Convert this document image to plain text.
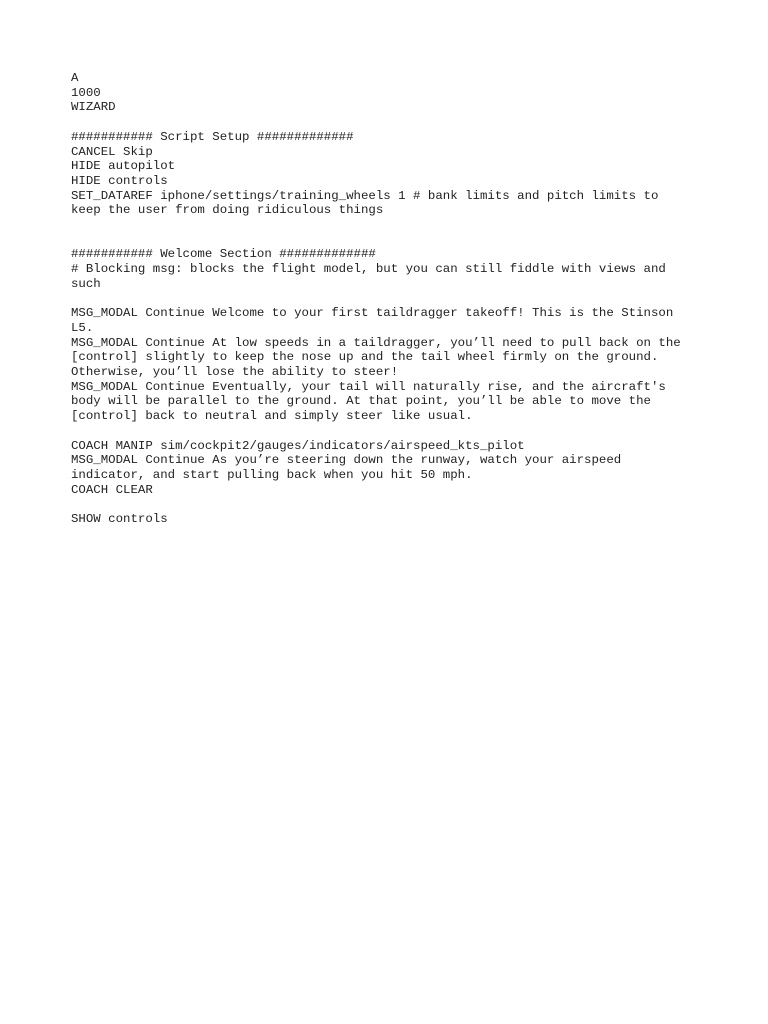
A
1000
WIZARD
########### Script Setup #############
CANCEL Skip
HIDE autopilot
HIDE controls
SET_DATAREF iphone/settings/training_wheels 1 # bank limits and pitch limits to
keep the user from doing ridiculous things
########### Welcome Section #############
# Blocking msg: blocks the flight model, but you can still fiddle with views and
such
MSG_MODAL Continue Welcome to your first taildragger takeoff! This is the Stinson
L5.
MSG_MODAL Continue At low speeds in a taildragger, you’ll need to pull back on the
[control] slightly to keep the nose up and the tail wheel firmly on the ground.
Otherwise, you’ll lose the ability to steer!
MSG_MODAL Continue Eventually, your tail will naturally rise, and the aircraft's
body will be parallel to the ground. At that point, you’ll be able to move the
[control] back to neutral and simply steer like usual.
COACH MANIP sim/cockpit2/gauges/indicators/airspeed_kts_pilot
MSG_MODAL Continue As you’re steering down the runway, watch your airspeed
indicator, and start pulling back when you hit 50 mph.
COACH CLEAR
SHOW controls
